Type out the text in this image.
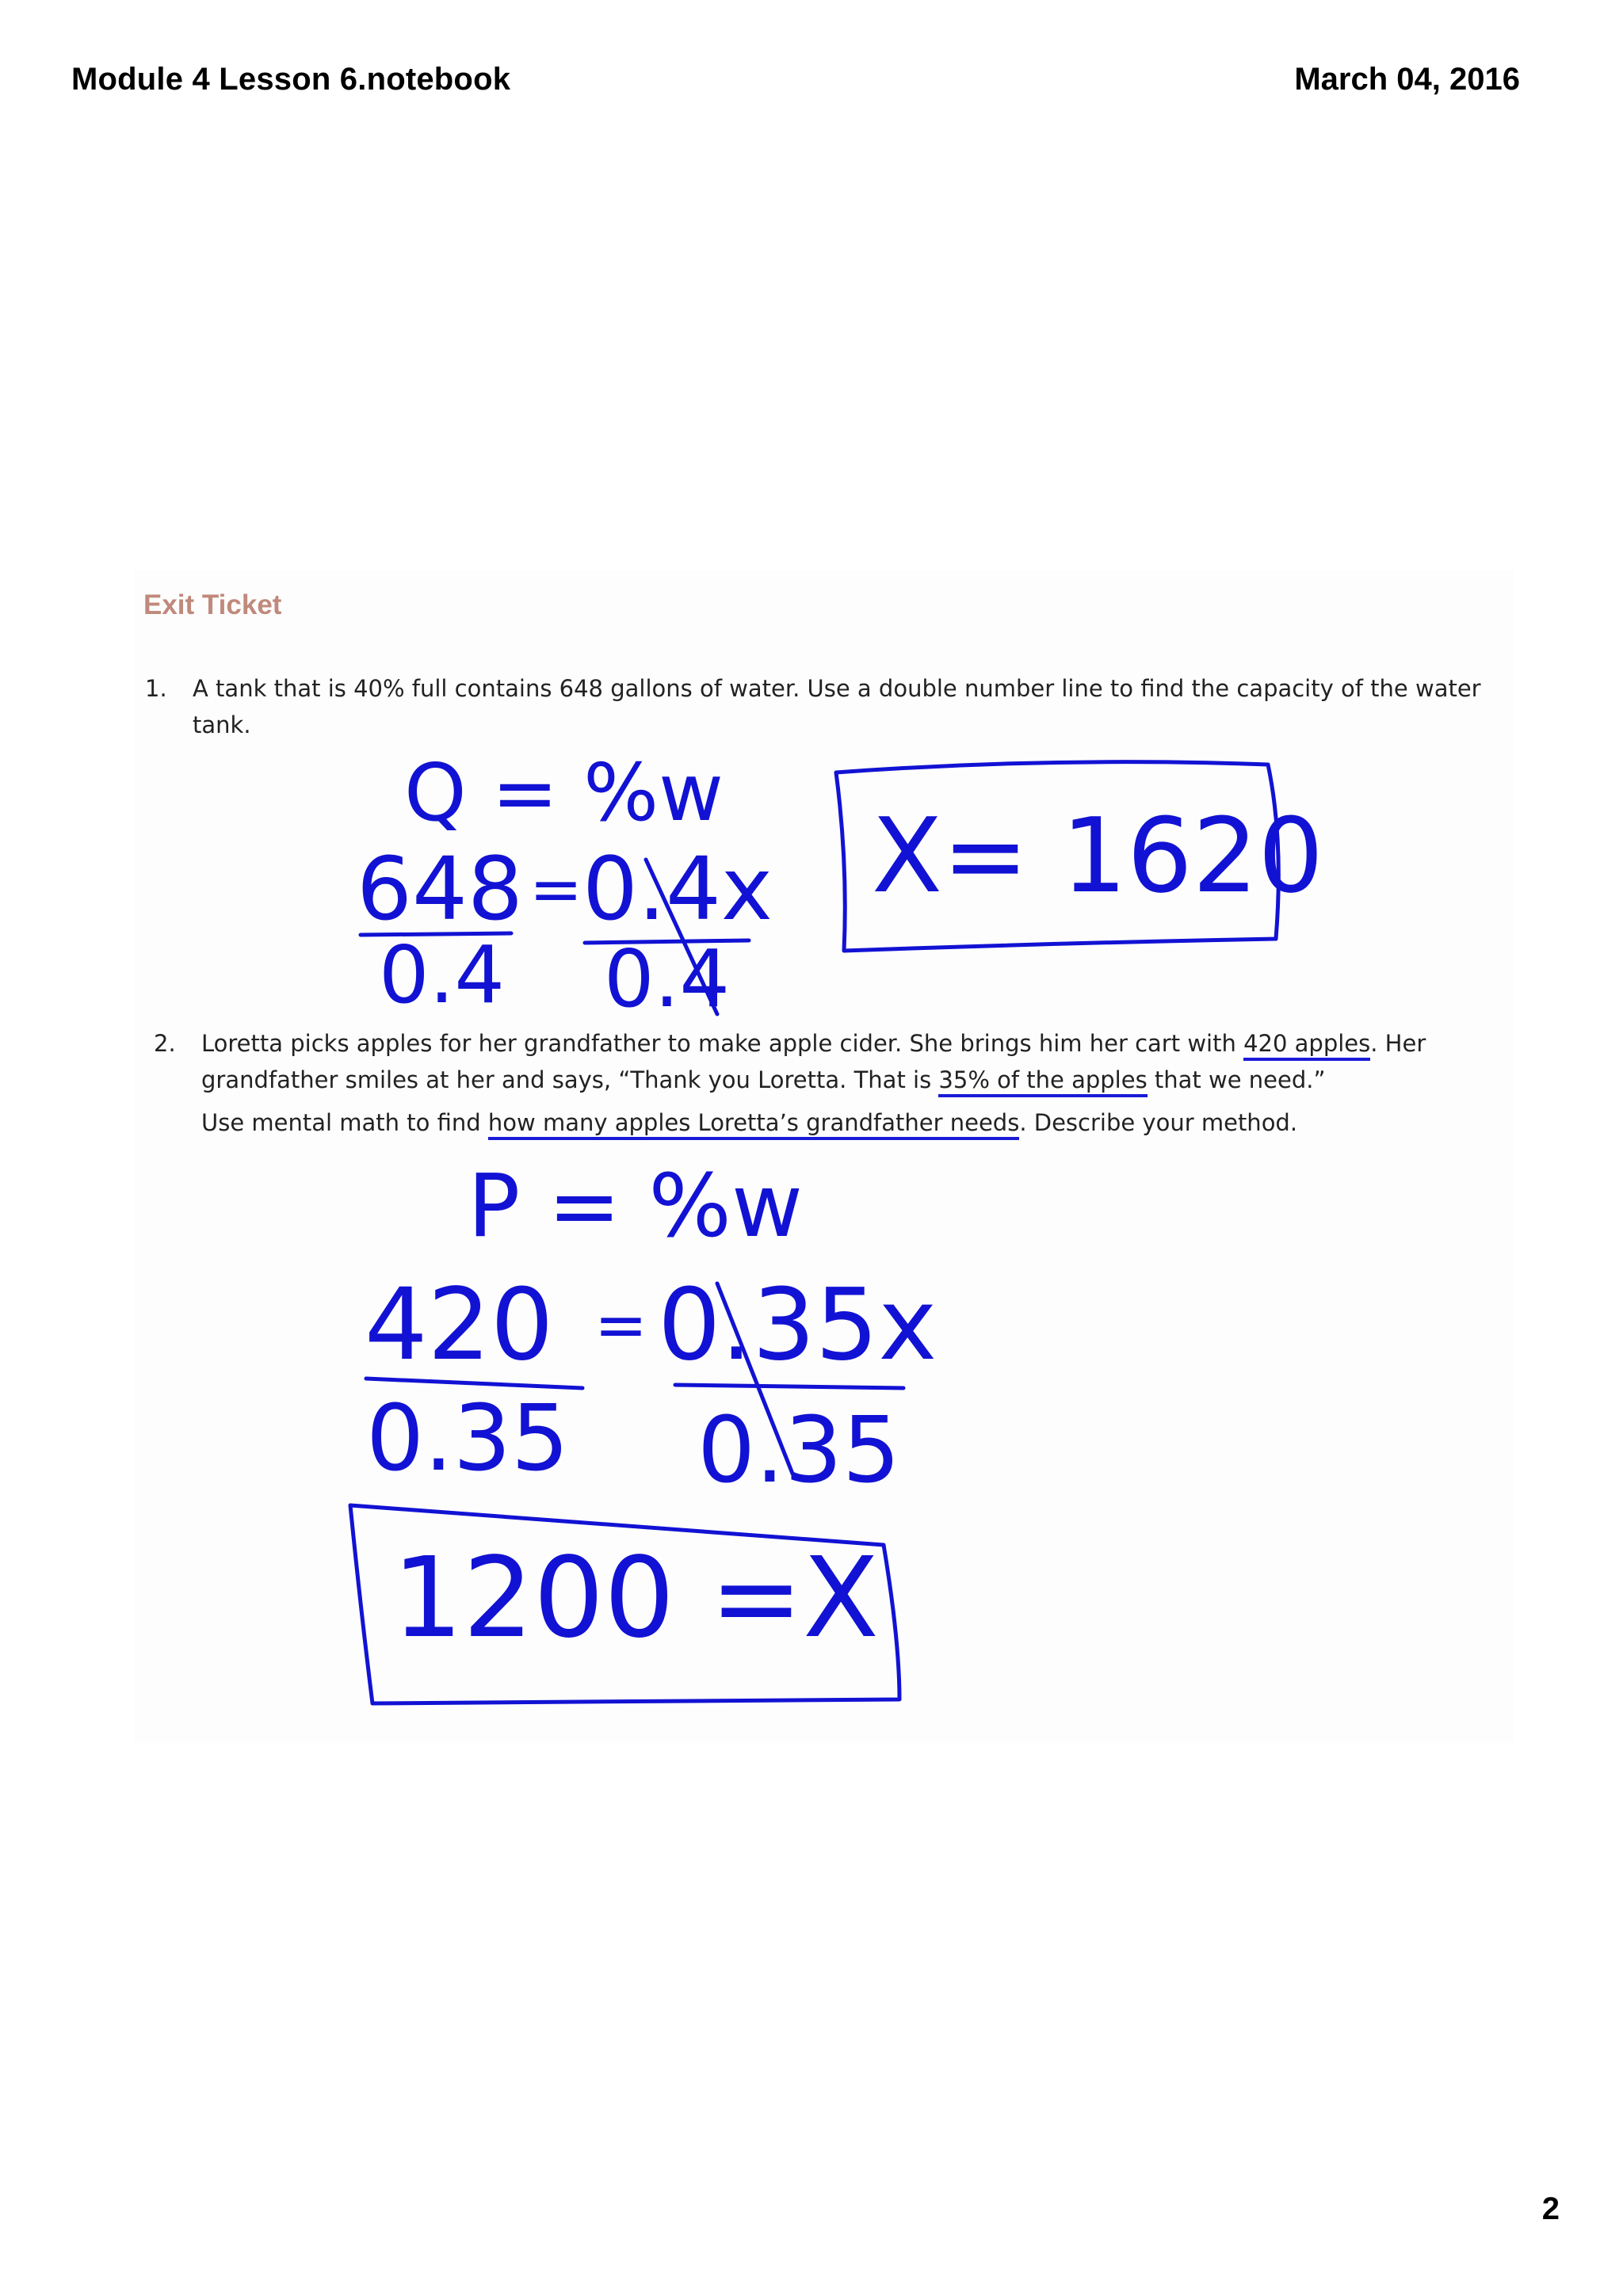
Module 4 Lesson 6.notebook	March 04, 2016
Exit Ticket
1. A tank that is 40% full contains 648 gallons of water. Use a double number line to find the capacity of the water

tank.

2. Loretta picks apples for her grandfather to make apple cider. She brings him her cart with 420 apples. Her

grandfather smiles at her and says, “Thank you Loretta. That is 35% of the apples that we need.”

Use mental math to find how many apples Loretta’s grandfather needs. Describe your method.

Q = %w
648 = 0.4x
0.4 0.4
X= 1620
P = %w
420 = 0.35x
0.35 0.35
1200 =X
2
